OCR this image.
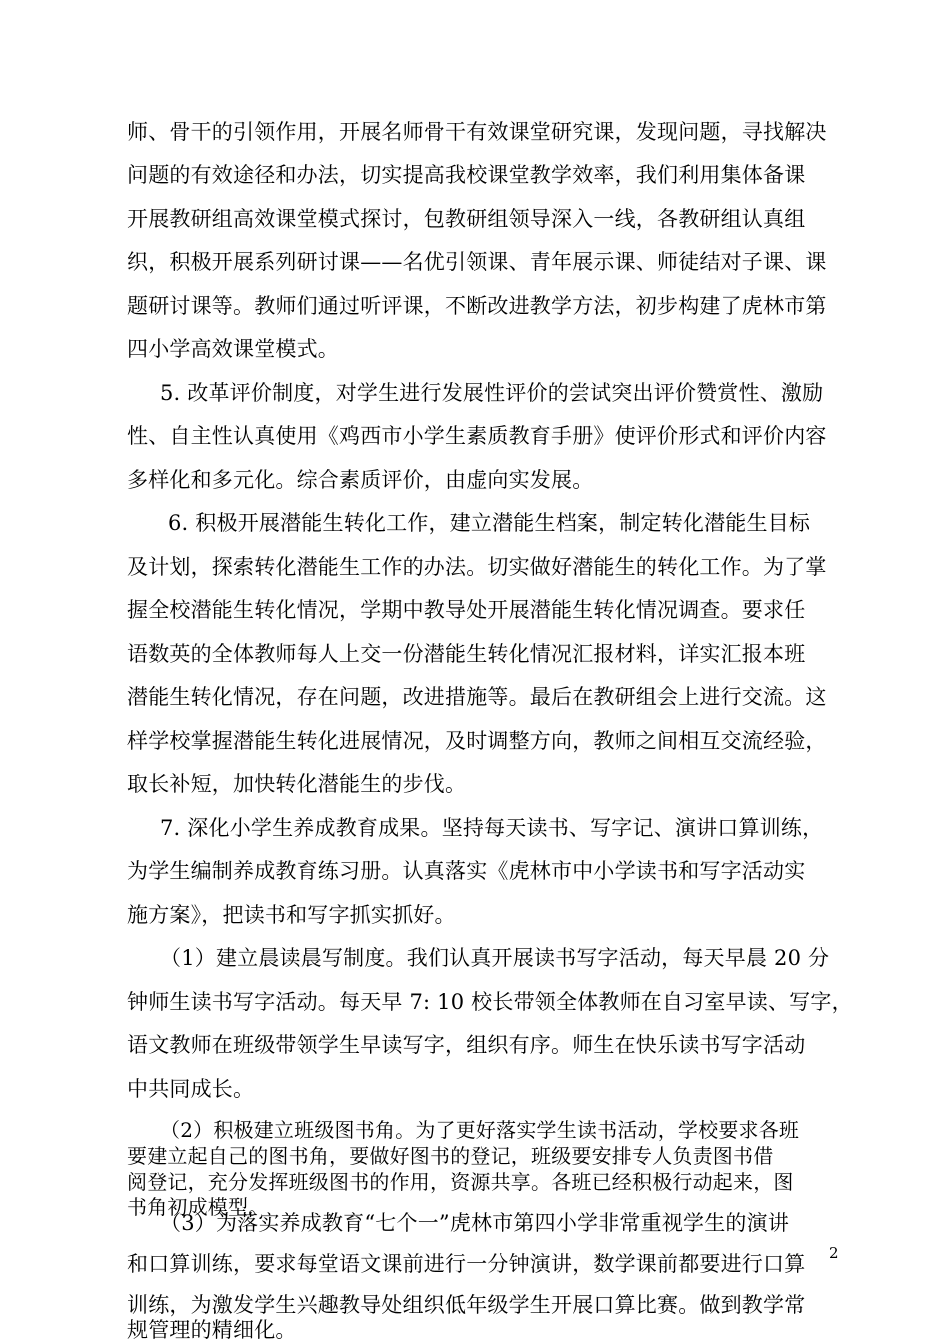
师、骨干的引领作用，开展名师骨干有效课堂研究课，发现问题，寻找解决
问题的有效途径和办法，切实提高我校课堂教学效率，我们利用集体备课
开展教研组高效课堂模式探讨，包教研组领导深入一线，各教研组认真组
织，积极开展系列研讨课——名优引领课、青年展示课、师徒结对子课、课
题研讨课等。教师们通过听评课，不断改进教学方法，初步构建了虎林市第
四小学高效课堂模式。
5. 改革评价制度，对学生进行发展性评价的尝试突出评价赞赏性、激励
性、自主性认真使用《鸡西市小学生素质教育手册》使评价形式和评价内容
多样化和多元化。综合素质评价，由虚向实发展。
6. 积极开展潜能生转化工作，建立潜能生档案，制定转化潜能生目标
及计划，探索转化潜能生工作的办法。切实做好潜能生的转化工作。为了掌
握全校潜能生转化情况，学期中教导处开展潜能生转化情况调查。要求任
语数英的全体教师每人上交一份潜能生转化情况汇报材料，详实汇报本班
潜能生转化情况，存在问题，改进措施等。最后在教研组会上进行交流。这
样学校掌握潜能生转化进展情况，及时调整方向，教师之间相互交流经验，
取长补短，加快转化潜能生的步伐。
7. 深化小学生养成教育成果。坚持每天读书、写字记、演讲口算训练，
为学生编制养成教育练习册。认真落实《虎林市中小学读书和写字活动实
施方案》，把读书和写字抓实抓好。
（1）建立晨读晨写制度。我们认真开展读书写字活动，每天早晨 20 分
钟师生读书写字活动。每天早 7: 10 校长带领全体教师在自习室早读、写字，
语文教师在班级带领学生早读写字，组织有序。师生在快乐读书写字活动
中共同成长。
（2）积极建立班级图书角。为了更好落实学生读书活动，学校要求各班
要建立起自己的图书角，要做好图书的登记，班级要安排专人负责图书借
阅登记，充分发挥班级图书的作用，资源共享。各班已经积极行动起来，图
书角初成模型。
（3）为落实养成教育“七个一”虎林市第四小学非常重视学生的演讲
和口算训练，要求每堂语文课前进行一分钟演讲，数学课前都要进行口算
训练，为激发学生兴趣教导处组织低年级学生开展口算比赛。做到教学常
规管理的精细化。
2
